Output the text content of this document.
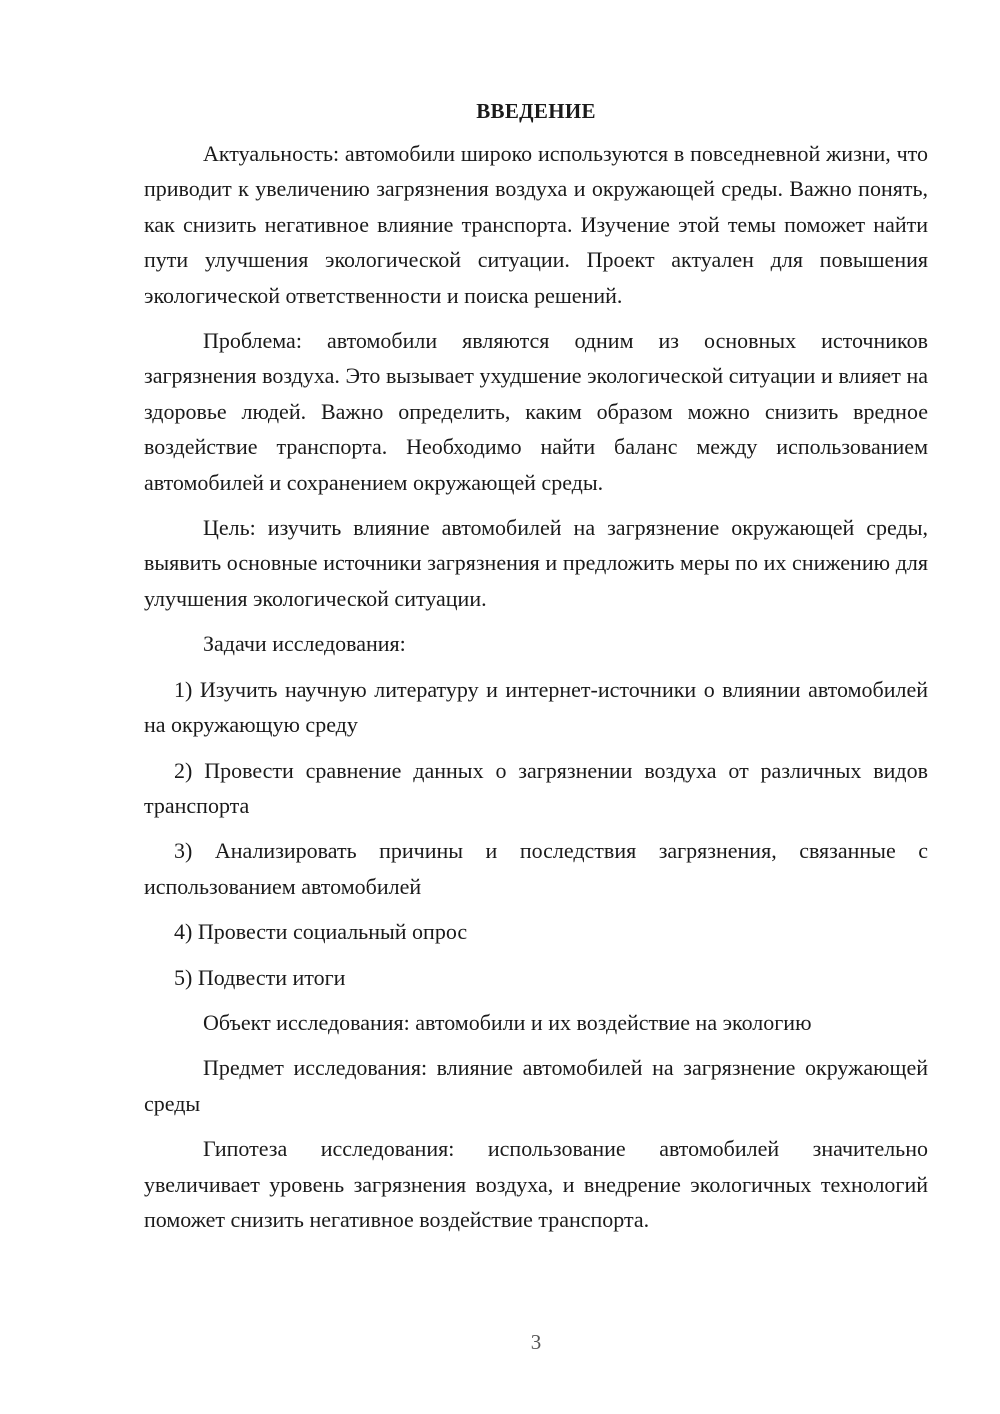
ВВЕДЕНИЕ

Актуальность: автомобили широко используются в повседневной жизни, что приводит к увеличению загрязнения воздуха и окружающей среды. Важно понять, как снизить негативное влияние транспорта. Изучение этой темы поможет найти пути улучшения экологической ситуации. Проект актуален для повышения экологической ответственности и поиска решений.

Проблема: автомобили являются одним из основных источников загрязнения воздуха. Это вызывает ухудшение экологической ситуации и влияет на здоровье людей. Важно определить, каким образом можно снизить вредное воздействие транспорта. Необходимо найти баланс между использованием автомобилей и сохранением окружающей среды.

Цель: изучить влияние автомобилей на загрязнение окружающей среды, выявить основные источники загрязнения и предложить меры по их снижению для улучшения экологической ситуации.

Задачи исследования:

1) Изучить научную литературу и интернет-источники о влиянии автомобилей на окружающую среду

2) Провести сравнение данных о загрязнении воздуха от различных видов транспорта

3) Анализировать причины и последствия загрязнения, связанные с использованием автомобилей

4) Провести социальный опрос

5) Подвести итоги

Объект исследования: автомобили и их воздействие на экологию

Предмет исследования: влияние автомобилей на загрязнение окружающей среды

Гипотеза исследования: использование автомобилей значительно увеличивает уровень загрязнения воздуха, и внедрение экологичных технологий поможет снизить негативное воздействие транспорта.

3
